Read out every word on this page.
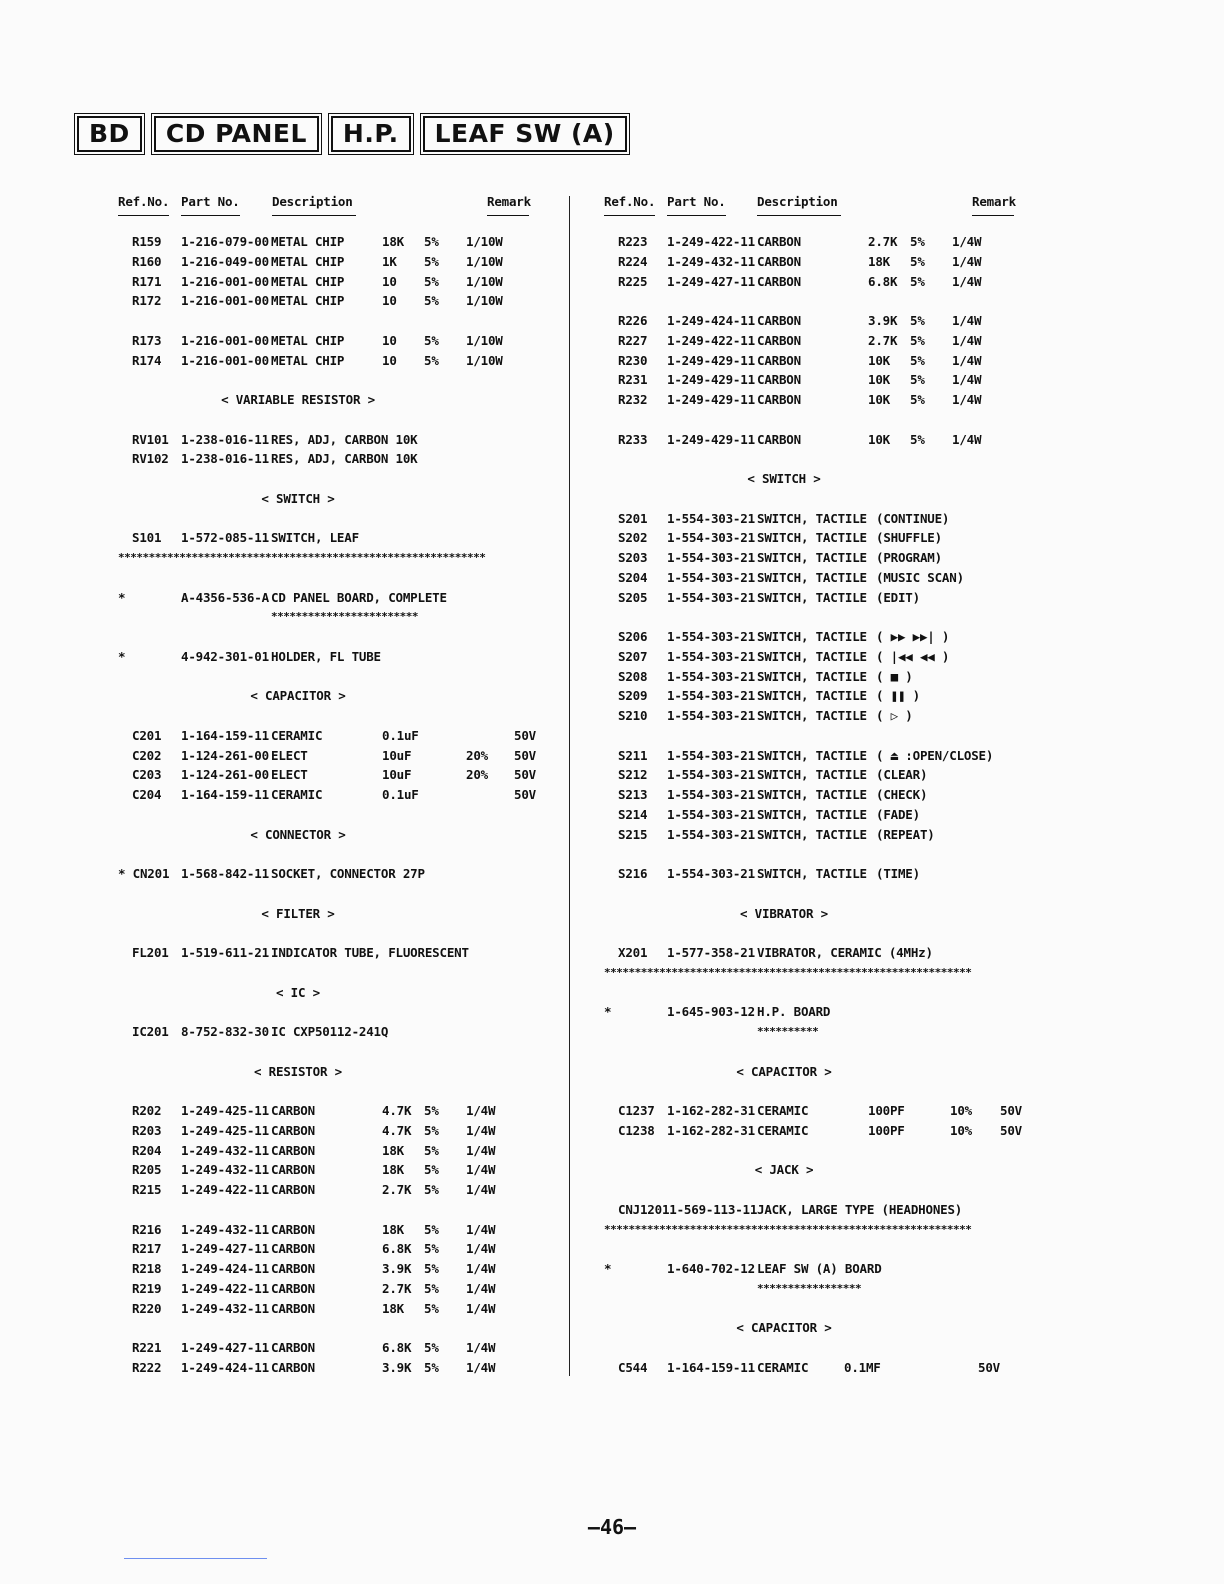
BD	CD PANEL	H.P.	LEAF SW (A)
Ref.No. Part No.	Description	Remark
R159 1-216-079-00 METAL CHIP	18K 5% 1/10W
R160 1-216-049-00 METAL CHIP	1K 5% 1/10W
R171 1-216-001-00 METAL CHIP	10 5% 1/10W
R172 1-216-001-00 METAL CHIP	10 5% 1/10W
R173 1-216-001-00 METAL CHIP	10 5% 1/10W
R174 1-216-001-00 METAL CHIP	10 5% 1/10W
< VARIABLE RESISTOR >
RV101 1-238-016-11 RES, ADJ, CARBON 10K
RV102 1-238-016-11 RES, ADJ, CARBON 10K
< SWITCH >
S101 1-572-085-11 SWITCH, LEAF
************************************************************
*	A-4356-536-A CD PANEL BOARD, COMPLETE
************************
*	4-942-301-01 HOLDER, FL TUBE
< CAPACITOR >
C201 1-164-159-11 CERAMIC	0.1uF	50V
C202 1-124-261-00 ELECT	10uF	20% 50V
C203 1-124-261-00 ELECT	10uF	20% 50V
C204 1-164-159-11 CERAMIC	0.1uF	50V
< CONNECTOR >
* CN201 1-568-842-11 SOCKET, CONNECTOR 27P
< FILTER >
FL201 1-519-611-21 INDICATOR TUBE, FLUORESCENT
< IC >
IC201 8-752-832-30 IC CXP50112-241Q
< RESISTOR >
R202 1-249-425-11 CARBON	4.7K 5% 1/4W
R203 1-249-425-11 CARBON	4.7K 5% 1/4W
R204 1-249-432-11 CARBON	18K 5% 1/4W
R205 1-249-432-11 CARBON	18K 5% 1/4W
R215 1-249-422-11 CARBON	2.7K 5% 1/4W
R216 1-249-432-11 CARBON	18K 5% 1/4W
R217 1-249-427-11 CARBON	6.8K 5% 1/4W
R218 1-249-424-11 CARBON	3.9K 5% 1/4W
R219 1-249-422-11 CARBON	2.7K 5% 1/4W
R220 1-249-432-11 CARBON	18K 5% 1/4W
R221 1-249-427-11 CARBON	6.8K 5% 1/4W
R222 1-249-424-11 CARBON	3.9K 5% 1/4W
Ref.No. Part No.	Description	Remark
R223 1-249-422-11 CARBON	2.7K 5% 1/4W
R224 1-249-432-11 CARBON	18K 5% 1/4W
R225 1-249-427-11 CARBON	6.8K 5% 1/4W
R226 1-249-424-11 CARBON	3.9K 5% 1/4W
R227 1-249-422-11 CARBON	2.7K 5% 1/4W
R230 1-249-429-11 CARBON	10K 5% 1/4W
R231 1-249-429-11 CARBON	10K 5% 1/4W
R232 1-249-429-11 CARBON	10K 5% 1/4W
R233 1-249-429-11 CARBON	10K 5% 1/4W
< SWITCH >
S201 1-554-303-21 SWITCH, TACTILE (CONTINUE)
S202 1-554-303-21 SWITCH, TACTILE (SHUFFLE)
S203 1-554-303-21 SWITCH, TACTILE (PROGRAM)
S204 1-554-303-21 SWITCH, TACTILE (MUSIC SCAN)
S205 1-554-303-21 SWITCH, TACTILE (EDIT)
S206 1-554-303-21 SWITCH, TACTILE ( ▶▶ ▶▶| )
S207 1-554-303-21 SWITCH, TACTILE ( |◀◀ ◀◀ )
S208 1-554-303-21 SWITCH, TACTILE ( ■ )
S209 1-554-303-21 SWITCH, TACTILE ( ❚❚ )
S210 1-554-303-21 SWITCH, TACTILE ( ▷ )
S211 1-554-303-21 SWITCH, TACTILE ( ⏏ :OPEN/CLOSE)
S212 1-554-303-21 SWITCH, TACTILE (CLEAR)
S213 1-554-303-21 SWITCH, TACTILE (CHECK)
S214 1-554-303-21 SWITCH, TACTILE (FADE)
S215 1-554-303-21 SWITCH, TACTILE (REPEAT)
S216 1-554-303-21 SWITCH, TACTILE (TIME)
< VIBRATOR >
X201 1-577-358-21 VIBRATOR, CERAMIC (4MHz)
************************************************************
*	1-645-903-12 H.P. BOARD
**********
< CAPACITOR >
C1237 1-162-282-31 CERAMIC	100PF	10% 50V
C1238 1-162-282-31 CERAMIC	100PF	10% 50V
< JACK >
CNJ12011-569-113-11 JACK, LARGE TYPE (HEADHONES)
************************************************************
*	1-640-702-12 LEAF SW (A) BOARD
*****************
< CAPACITOR >
C544 1-164-159-11 CERAMIC	0.1MF	50V
—46—
